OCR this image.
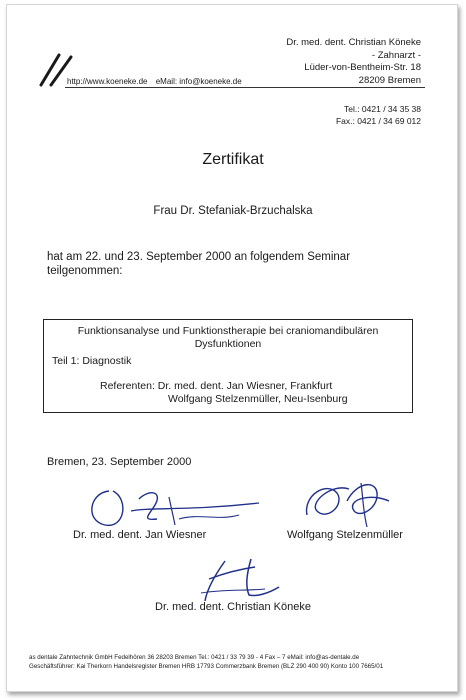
http://www.koeneke.de eMail: info@koeneke.de
Dr. med. dent. Christian Köneke
- Zahnarzt -
Lüder-von-Bentheim-Str. 18
28209 Bremen
Tel.: 0421 / 34 35 38
Fax.: 0421 / 34 69 012
Zertifikat
Frau Dr. Stefaniak-Brzuchalska
hat am 22. und 23. September 2000 an folgendem Seminar
teilgenommen:
Funktionsanalyse und Funktionstherapie bei craniomandibulären
Dysfunktionen
Teil 1: Diagnostik
Referenten: Dr. med. dent. Jan Wiesner, Frankfurt
Wolfgang Stelzenmüller, Neu-Isenburg
Bremen, 23. September 2000
Dr. med. dent. Jan Wiesner	Wolfgang Stelzenmüller
Dr. med. dent. Christian Köneke
as dentale Zahntechnik GmbH Fedelhören 36 28203 Bremen Tel.: 0421 / 33 79 39 - 4 Fax – 7 eMail: info@as-dentale.de
Geschäftsführer: Kai Therkorn Handelsregister Bremen HRB 17793 Commerzbank Bremen (BLZ 290 400 90) Konto 100 7665/01
